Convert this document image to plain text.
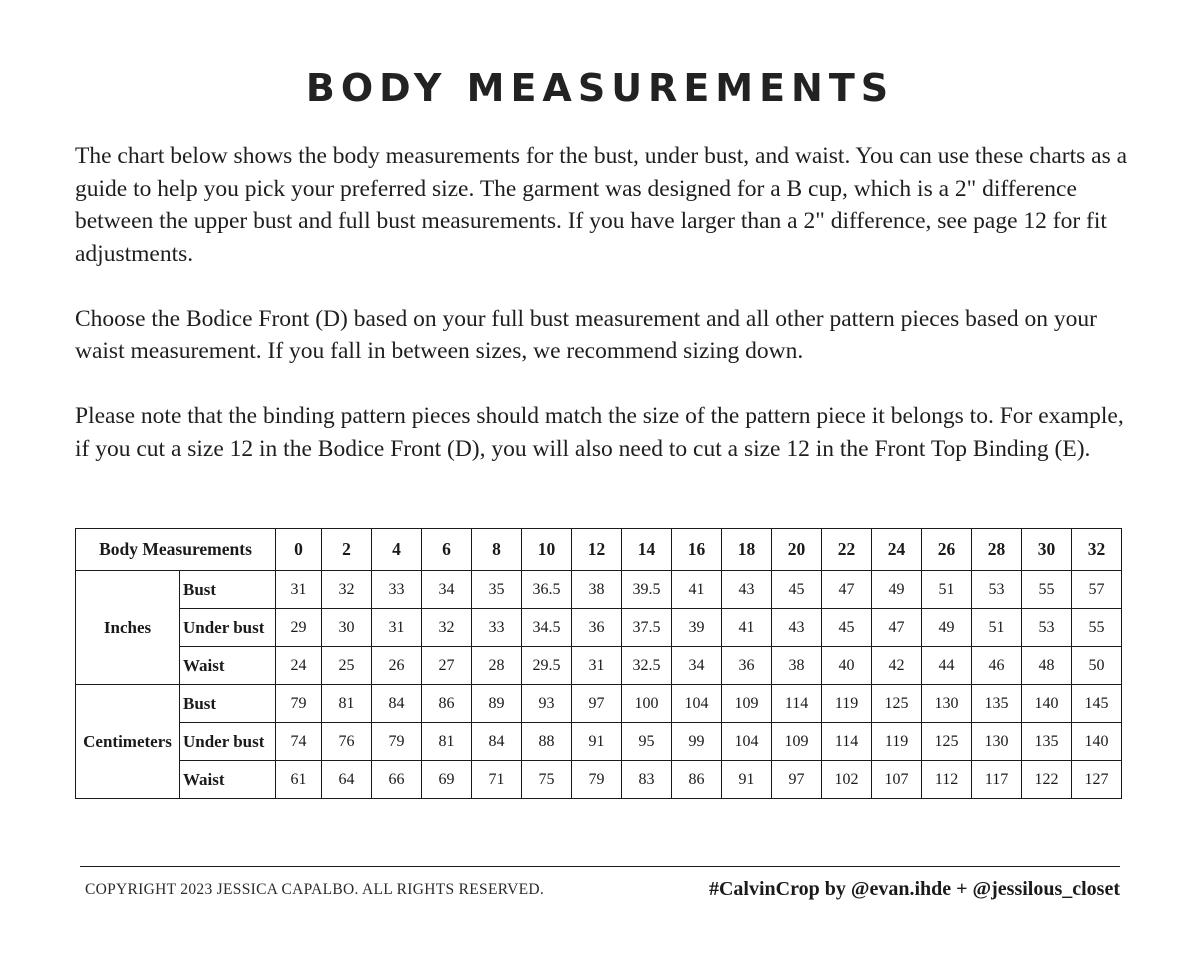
BODY MEASUREMENTS

The chart below shows the body measurements for the bust, under bust, and waist. You can use these charts as a guide to help you pick your preferred size. The garment was designed for a B cup, which is a 2" difference between the upper bust and full bust measurements. If you have larger than a 2" difference, see page 12 for fit adjustments.

Choose the Bodice Front (D) based on your full bust measurement and all other pattern pieces based on your waist measurement. If you fall in between sizes, we recommend sizing down.

Please note that the binding pattern pieces should match the size of the pattern piece it belongs to. For example, if you cut a size 12 in the Bodice Front (D), you will also need to cut a size 12 in the Front Top Binding (E).

Body Measurements		0	2	4	6	8	10	12	14	16	18	20	22	24	26	28	30	32
Inches	Bust	31	32	33	34	35	36.5	38	39.5	41	43	45	47	49	51	53	55	57
	Under bust	29	30	31	32	33	34.5	36	37.5	39	41	43	45	47	49	51	53	55
	Waist	24	25	26	27	28	29.5	31	32.5	34	36	38	40	42	44	46	48	50
Centimeters	Bust	79	81	84	86	89	93	97	100	104	109	114	119	125	130	135	140	145
	Under bust	74	76	79	81	84	88	91	95	99	104	109	114	119	125	130	135	140
	Waist	61	64	66	69	71	75	79	83	86	91	97	102	107	112	117	122	127
COPYRIGHT 2023 JESSICA CAPALBO. ALL RIGHTS RESERVED.	#CalvinCrop by @evan.ihde + @jessilous_closet
